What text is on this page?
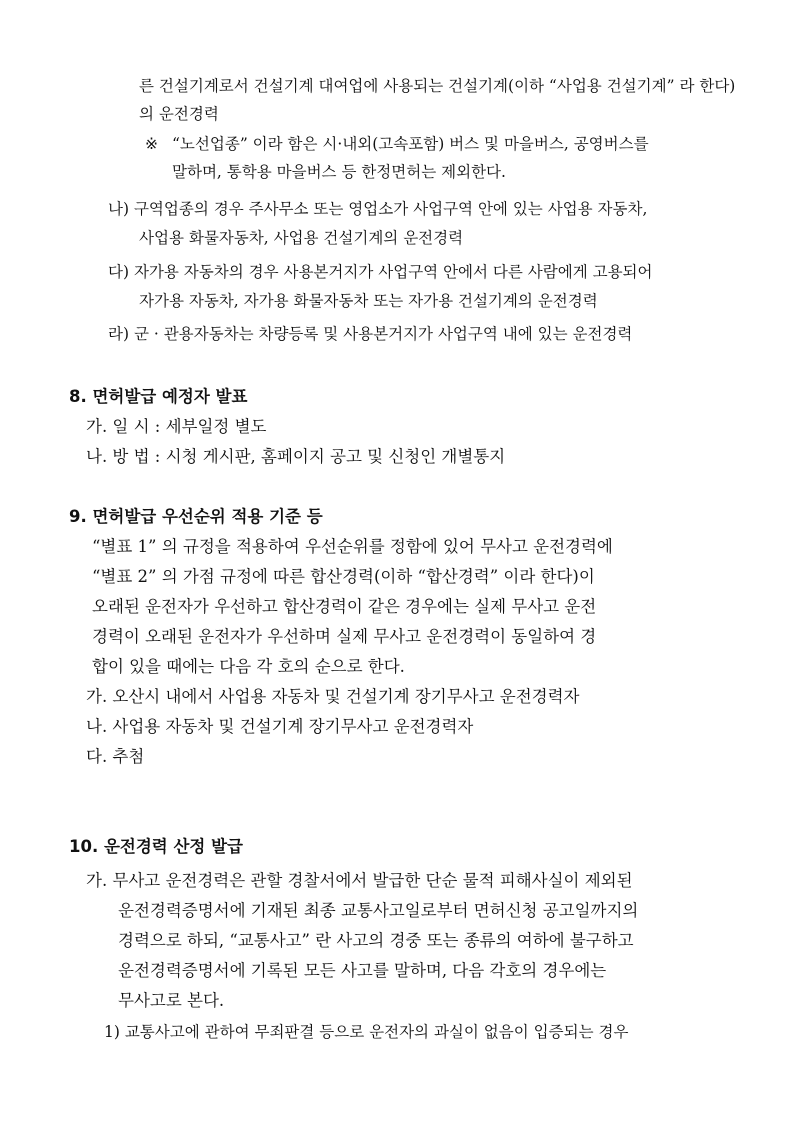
른 건설기계로서 건설기계 대여업에 사용되는 건설기계(이하 “사업용 건설기계” 라 한다)
의 운전경력
※ “노선업종” 이라 함은 시·내외(고속포함) 버스 및 마을버스, 공영버스를
말하며, 통학용 마을버스 등 한정면허는 제외한다.
나) 구역업종의 경우 주사무소 또는 영업소가 사업구역 안에 있는 사업용 자동차,
사업용 화물자동차, 사업용 건설기계의 운전경력
다) 자가용 자동차의 경우 사용본거지가 사업구역 안에서 다른 사람에게 고용되어
자가용 자동차, 자가용 화물자동차 또는 자가용 건설기계의 운전경력
라) 군 · 관용자동차는 차량등록 및 사용본거지가 사업구역 내에 있는 운전경력
8. 면허발급 예정자 발표
가. 일 시 : 세부일정 별도
나. 방 법 : 시청 게시판, 홈페이지 공고 및 신청인 개별통지
9. 면허발급 우선순위 적용 기준 등
“별표 1” 의 규정을 적용하여 우선순위를 정함에 있어 무사고 운전경력에
“별표 2” 의 가점 규정에 따른 합산경력(이하 “합산경력” 이라 한다)이
오래된 운전자가 우선하고 합산경력이 같은 경우에는 실제 무사고 운전
경력이 오래된 운전자가 우선하며 실제 무사고 운전경력이 동일하여 경
합이 있을 때에는 다음 각 호의 순으로 한다.
가. 오산시 내에서 사업용 자동차 및 건설기계 장기무사고 운전경력자
나. 사업용 자동차 및 건설기계 장기무사고 운전경력자
다. 추첨
10. 운전경력 산정 발급
가. 무사고 운전경력은 관할 경찰서에서 발급한 단순 물적 피해사실이 제외된
운전경력증명서에 기재된 최종 교통사고일로부터 면허신청 공고일까지의
경력으로 하되, “교통사고” 란 사고의 경중 또는 종류의 여하에 불구하고
운전경력증명서에 기록된 모든 사고를 말하며, 다음 각호의 경우에는
무사고로 본다.
1) 교통사고에 관하여 무죄판결 등으로 운전자의 과실이 없음이 입증되는 경우
